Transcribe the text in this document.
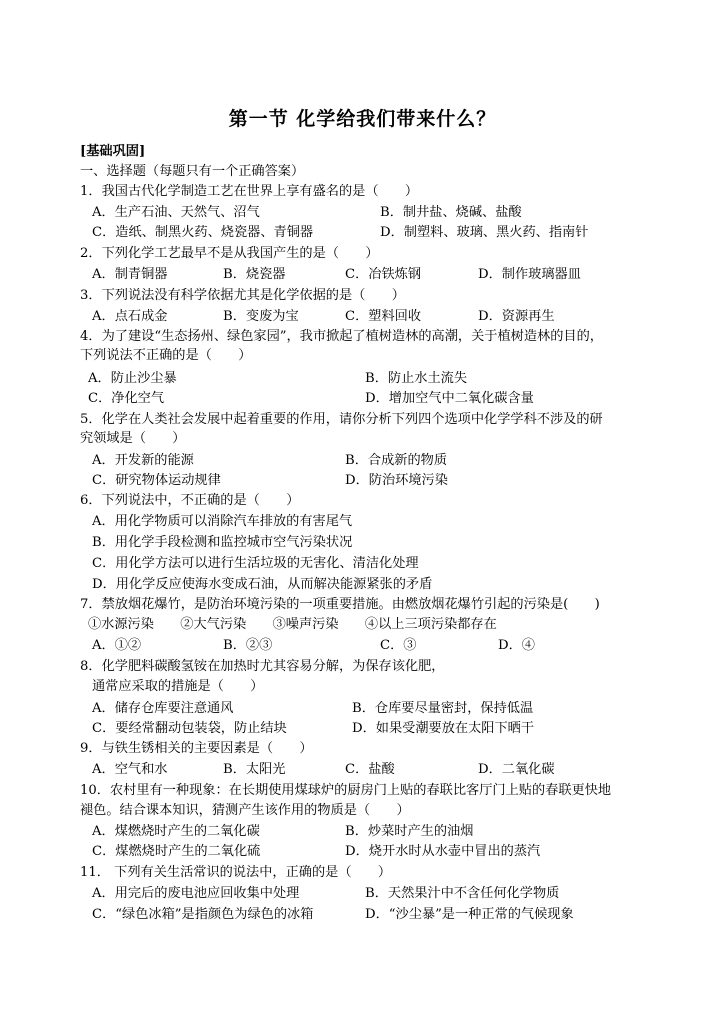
第一节 化学给我们带来什么？
[基础巩固]
一、选择题（每题只有一个正确答案）
1．我国古代化学制造工艺在世界上享有盛名的是（　　）
A．生产石油、天然气、沼气	B．制井盐、烧碱、盐酸
C．造纸、制黑火药、烧瓷器、青铜器	D．制塑料、玻璃、黑火药、指南针
2．下列化学工艺最早不是从我国产生的是（　　）
A．制青铜器	B．烧瓷器	C．冶铁炼钢	D．制作玻璃器皿
3．下列说法没有科学依据尤其是化学依据的是（　　）
A．点石成金	B．变废为宝	C．塑料回收	D．资源再生
4．为了建设“生态扬州、绿色家园”，我市掀起了植树造林的高潮，关于植树造林的目的，
下列说法不正确的是（　　）
A．防止沙尘暴	B．防止水土流失
C．净化空气	D．增加空气中二氧化碳含量
5．化学在人类社会发展中起着重要的作用，请你分析下列四个选项中化学学科不涉及的研
究领域是（　　）
A．开发新的能源	B．合成新的物质
C．研究物体运动规律	D．防治环境污染
6．下列说法中，不正确的是（　　）
A．用化学物质可以消除汽车排放的有害尾气
B．用化学手段检测和监控城市空气污染状况
C．用化学方法可以进行生活垃圾的无害化、清洁化处理
D．用化学反应使海水变成石油，从而解决能源紧张的矛盾
7．禁放烟花爆竹，是防治环境污染的一项重要措施。由燃放烟花爆竹引起的污染是(　　)
①水源污染　　②大气污染　　③噪声污染　　④以上三项污染都存在
A．①②	B．②③	C．③	D．④
8．化学肥料碳酸氢铵在加热时尤其容易分解，为保存该化肥，
通常应采取的措施是（　　）
A．储存仓库要注意通风	B．仓库要尽量密封，保持低温
C．要经常翻动包装袋，防止结块	D．如果受潮要放在太阳下晒干
9．与铁生锈相关的主要因素是（　　）
A．空气和水	B．太阳光	C．盐酸	D．二氧化碳
10．农村里有一种现象：在长期使用煤球炉的厨房门上贴的春联比客厅门上贴的春联更快地
褪色。结合课本知识，猜测产生该作用的物质是（　　）
A．煤燃烧时产生的二氧化碳	B．炒菜时产生的油烟
C．煤燃烧时产生的二氧化硫	D．烧开水时从水壶中冒出的蒸汽
11． 下列有关生活常识的说法中，正确的是（　　）
A．用完后的废电池应回收集中处理	B．天然果汁中不含任何化学物质
C．“绿色冰箱”是指颜色为绿色的冰箱	D．“沙尘暴”是一种正常的气候现象
